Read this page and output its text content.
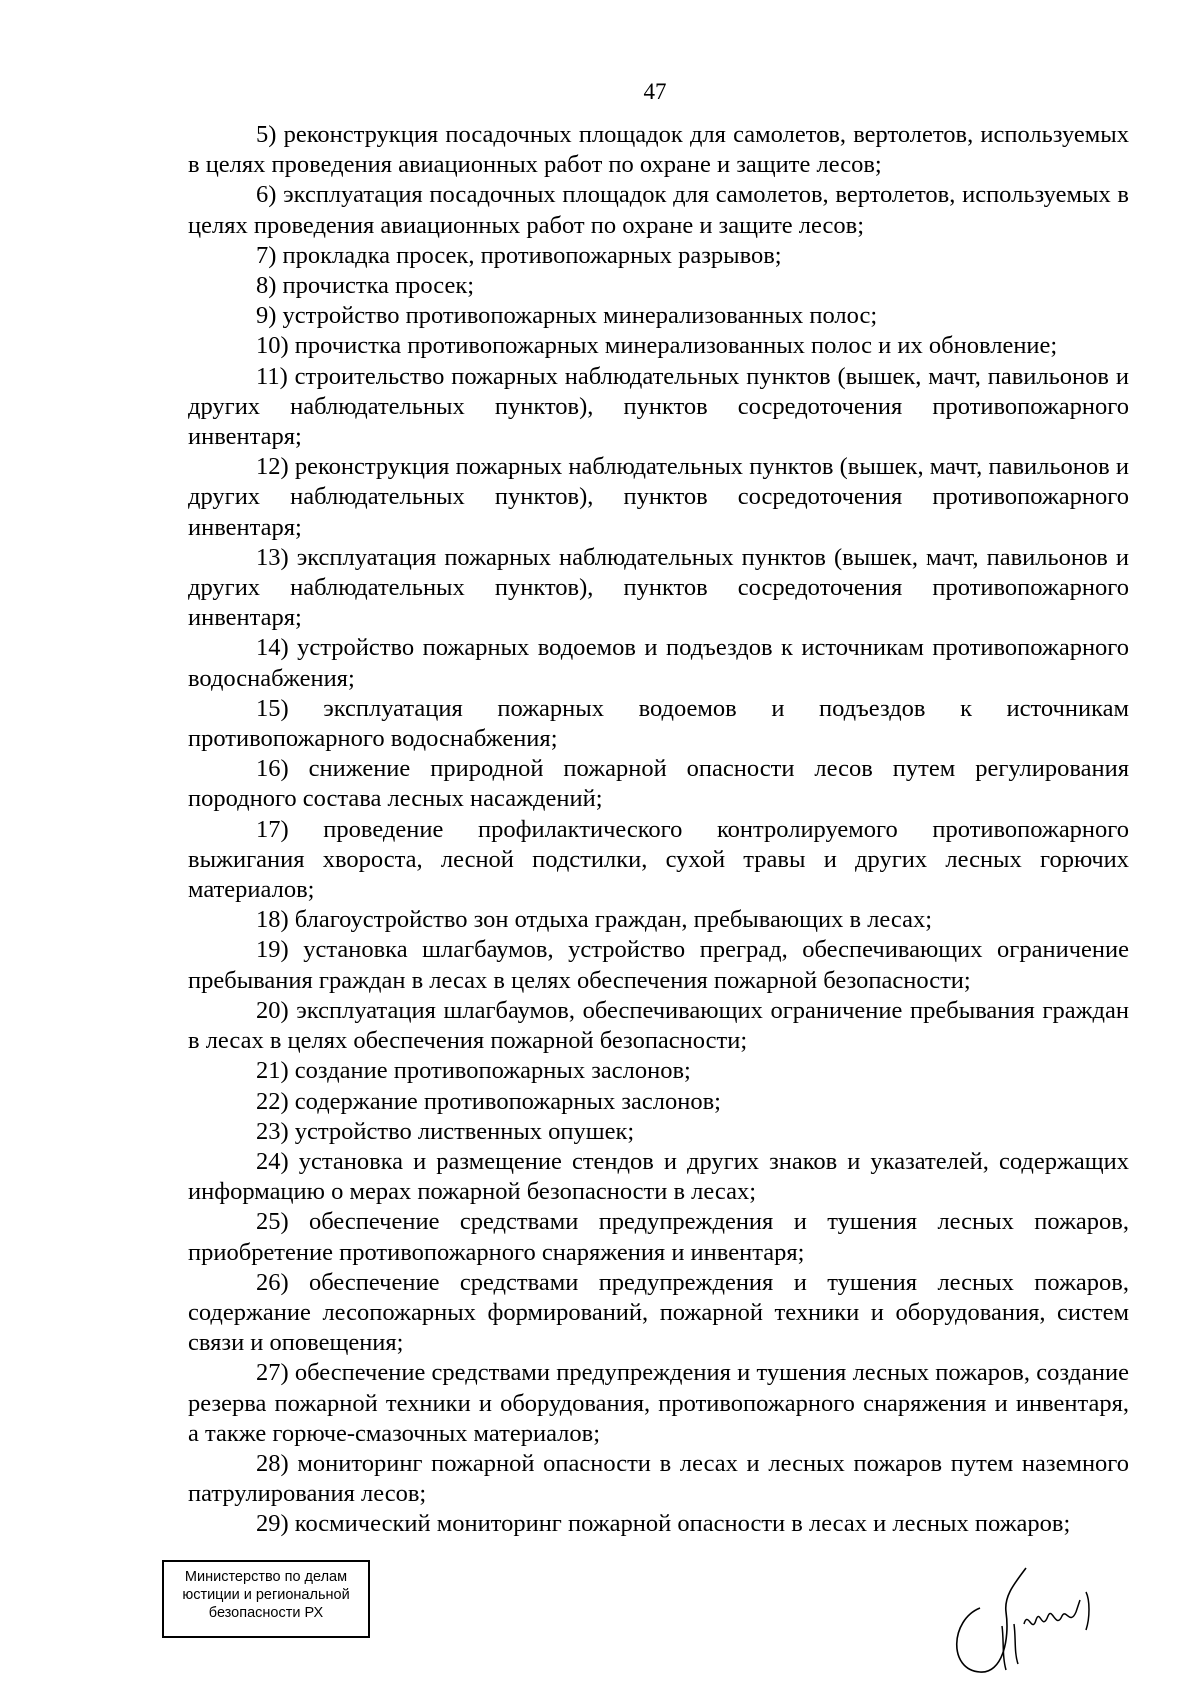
47

5) реконструкция посадочных площадок для самолетов, вертолетов, используемых в целях проведения авиационных работ по охране и защите лесов;

6) эксплуатация посадочных площадок для самолетов, вертолетов, используемых в целях проведения авиационных работ по охране и защите лесов;

7) прокладка просек, противопожарных разрывов;

8) прочистка просек;

9) устройство противопожарных минерализованных полос;

10) прочистка противопожарных минерализованных полос и их обновление;

11) строительство пожарных наблюдательных пунктов (вышек, мачт, павильонов и других наблюдательных пунктов), пунктов сосредоточения противопожарного инвентаря;

12) реконструкция пожарных наблюдательных пунктов (вышек, мачт, павильонов и других наблюдательных пунктов), пунктов сосредоточения противопожарного инвентаря;

13) эксплуатация пожарных наблюдательных пунктов (вышек, мачт, павильонов и других наблюдательных пунктов), пунктов сосредоточения противопожарного инвентаря;

14) устройство пожарных водоемов и подъездов к источникам противопожарного водоснабжения;

15) эксплуатация пожарных водоемов и подъездов к источникам противопожарного водоснабжения;

16) снижение природной пожарной опасности лесов путем регулирования породного состава лесных насаждений;

17) проведение профилактического контролируемого противопожарного выжигания хвороста, лесной подстилки, сухой травы и других лесных горючих материалов;

18) благоустройство зон отдыха граждан, пребывающих в лесах;

19) установка шлагбаумов, устройство преград, обеспечивающих ограничение пребывания граждан в лесах в целях обеспечения пожарной безопасности;

20) эксплуатация шлагбаумов, обеспечивающих ограничение пребывания граждан в лесах в целях обеспечения пожарной безопасности;

21) создание противопожарных заслонов;

22) содержание противопожарных заслонов;

23) устройство лиственных опушек;

24) установка и размещение стендов и других знаков и указателей, содержащих информацию о мерах пожарной безопасности в лесах;

25) обеспечение средствами предупреждения и тушения лесных пожаров, приобретение противопожарного снаряжения и инвентаря;

26) обеспечение средствами предупреждения и тушения лесных пожаров, содержание лесопожарных формирований, пожарной техники и оборудования, систем связи и оповещения;

27) обеспечение средствами предупреждения и тушения лесных пожаров, создание резерва пожарной техники и оборудования, противопожарного снаряжения и инвентаря, а также горюче-смазочных материалов;

28) мониторинг пожарной опасности в лесах и лесных пожаров путем наземного патрулирования лесов;

29) космический мониторинг пожарной опасности в лесах и лесных пожаров;

Министерство по делам
юстиции и региональной
безопасности РХ
